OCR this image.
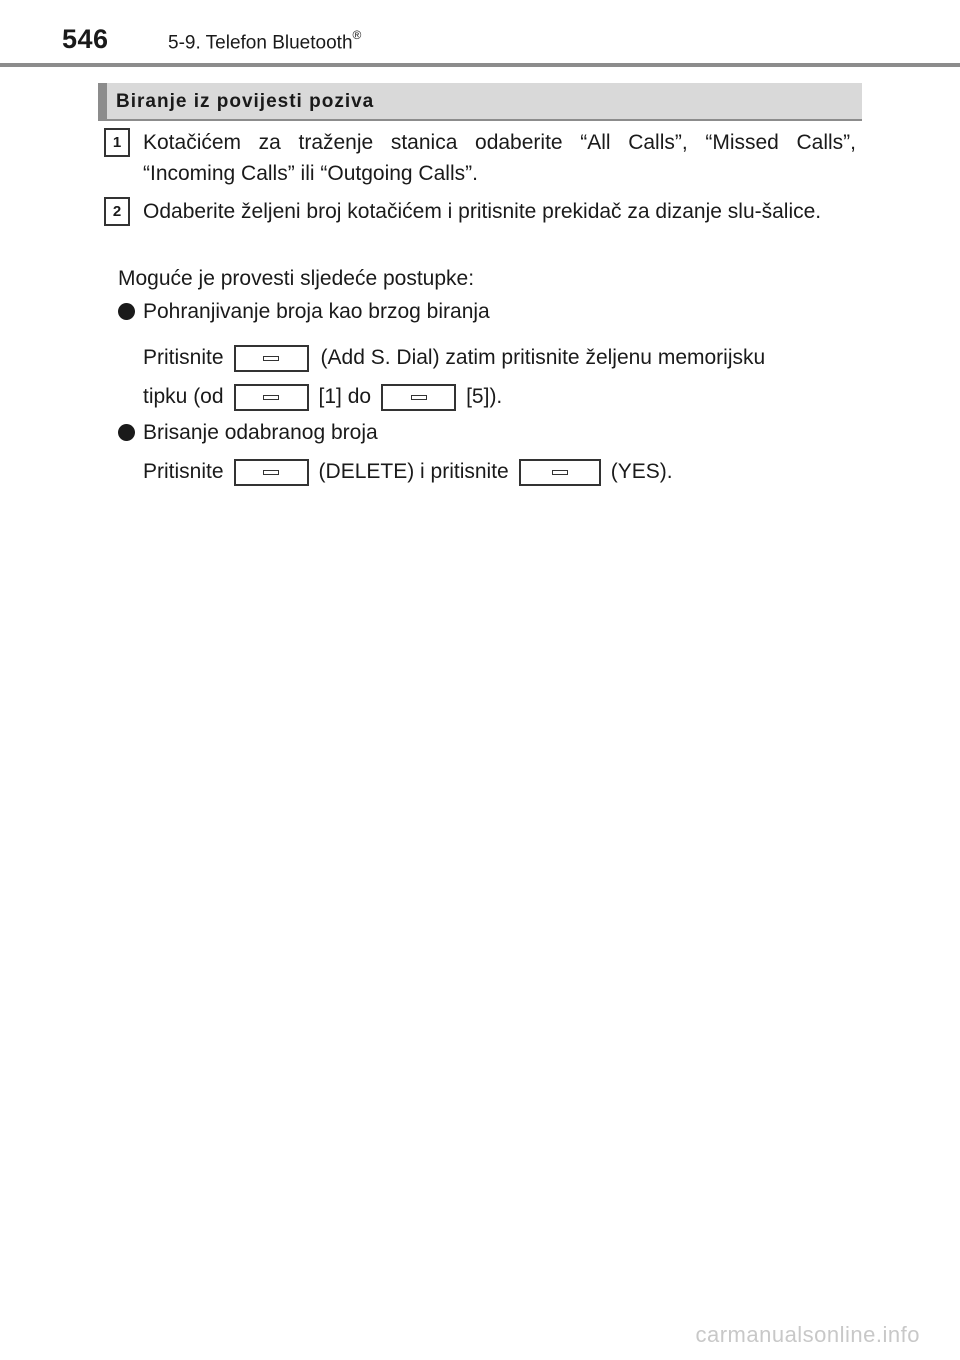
546	5-9. Telefon Bluetooth®
Biranje iz povijesti poziva
1	Kotačićem za traženje stanica odaberite “All Calls”, “Missed Calls”, “Incoming Calls” ili “Outgoing Calls”.
2	Odaberite željeni broj kotačićem i pritisnite prekidač za dizanje slu-šalice.
Moguće je provesti sljedeće postupke:
Pohranjivanje broja kao brzog biranja
Pritisnite	(Add S. Dial) zatim pritisnite željenu memorijsku
tipku (od	[1] do	[5]).
Brisanje odabranog broja
Pritisnite	(DELETE) i pritisnite	(YES).
carmanualsonline.info
